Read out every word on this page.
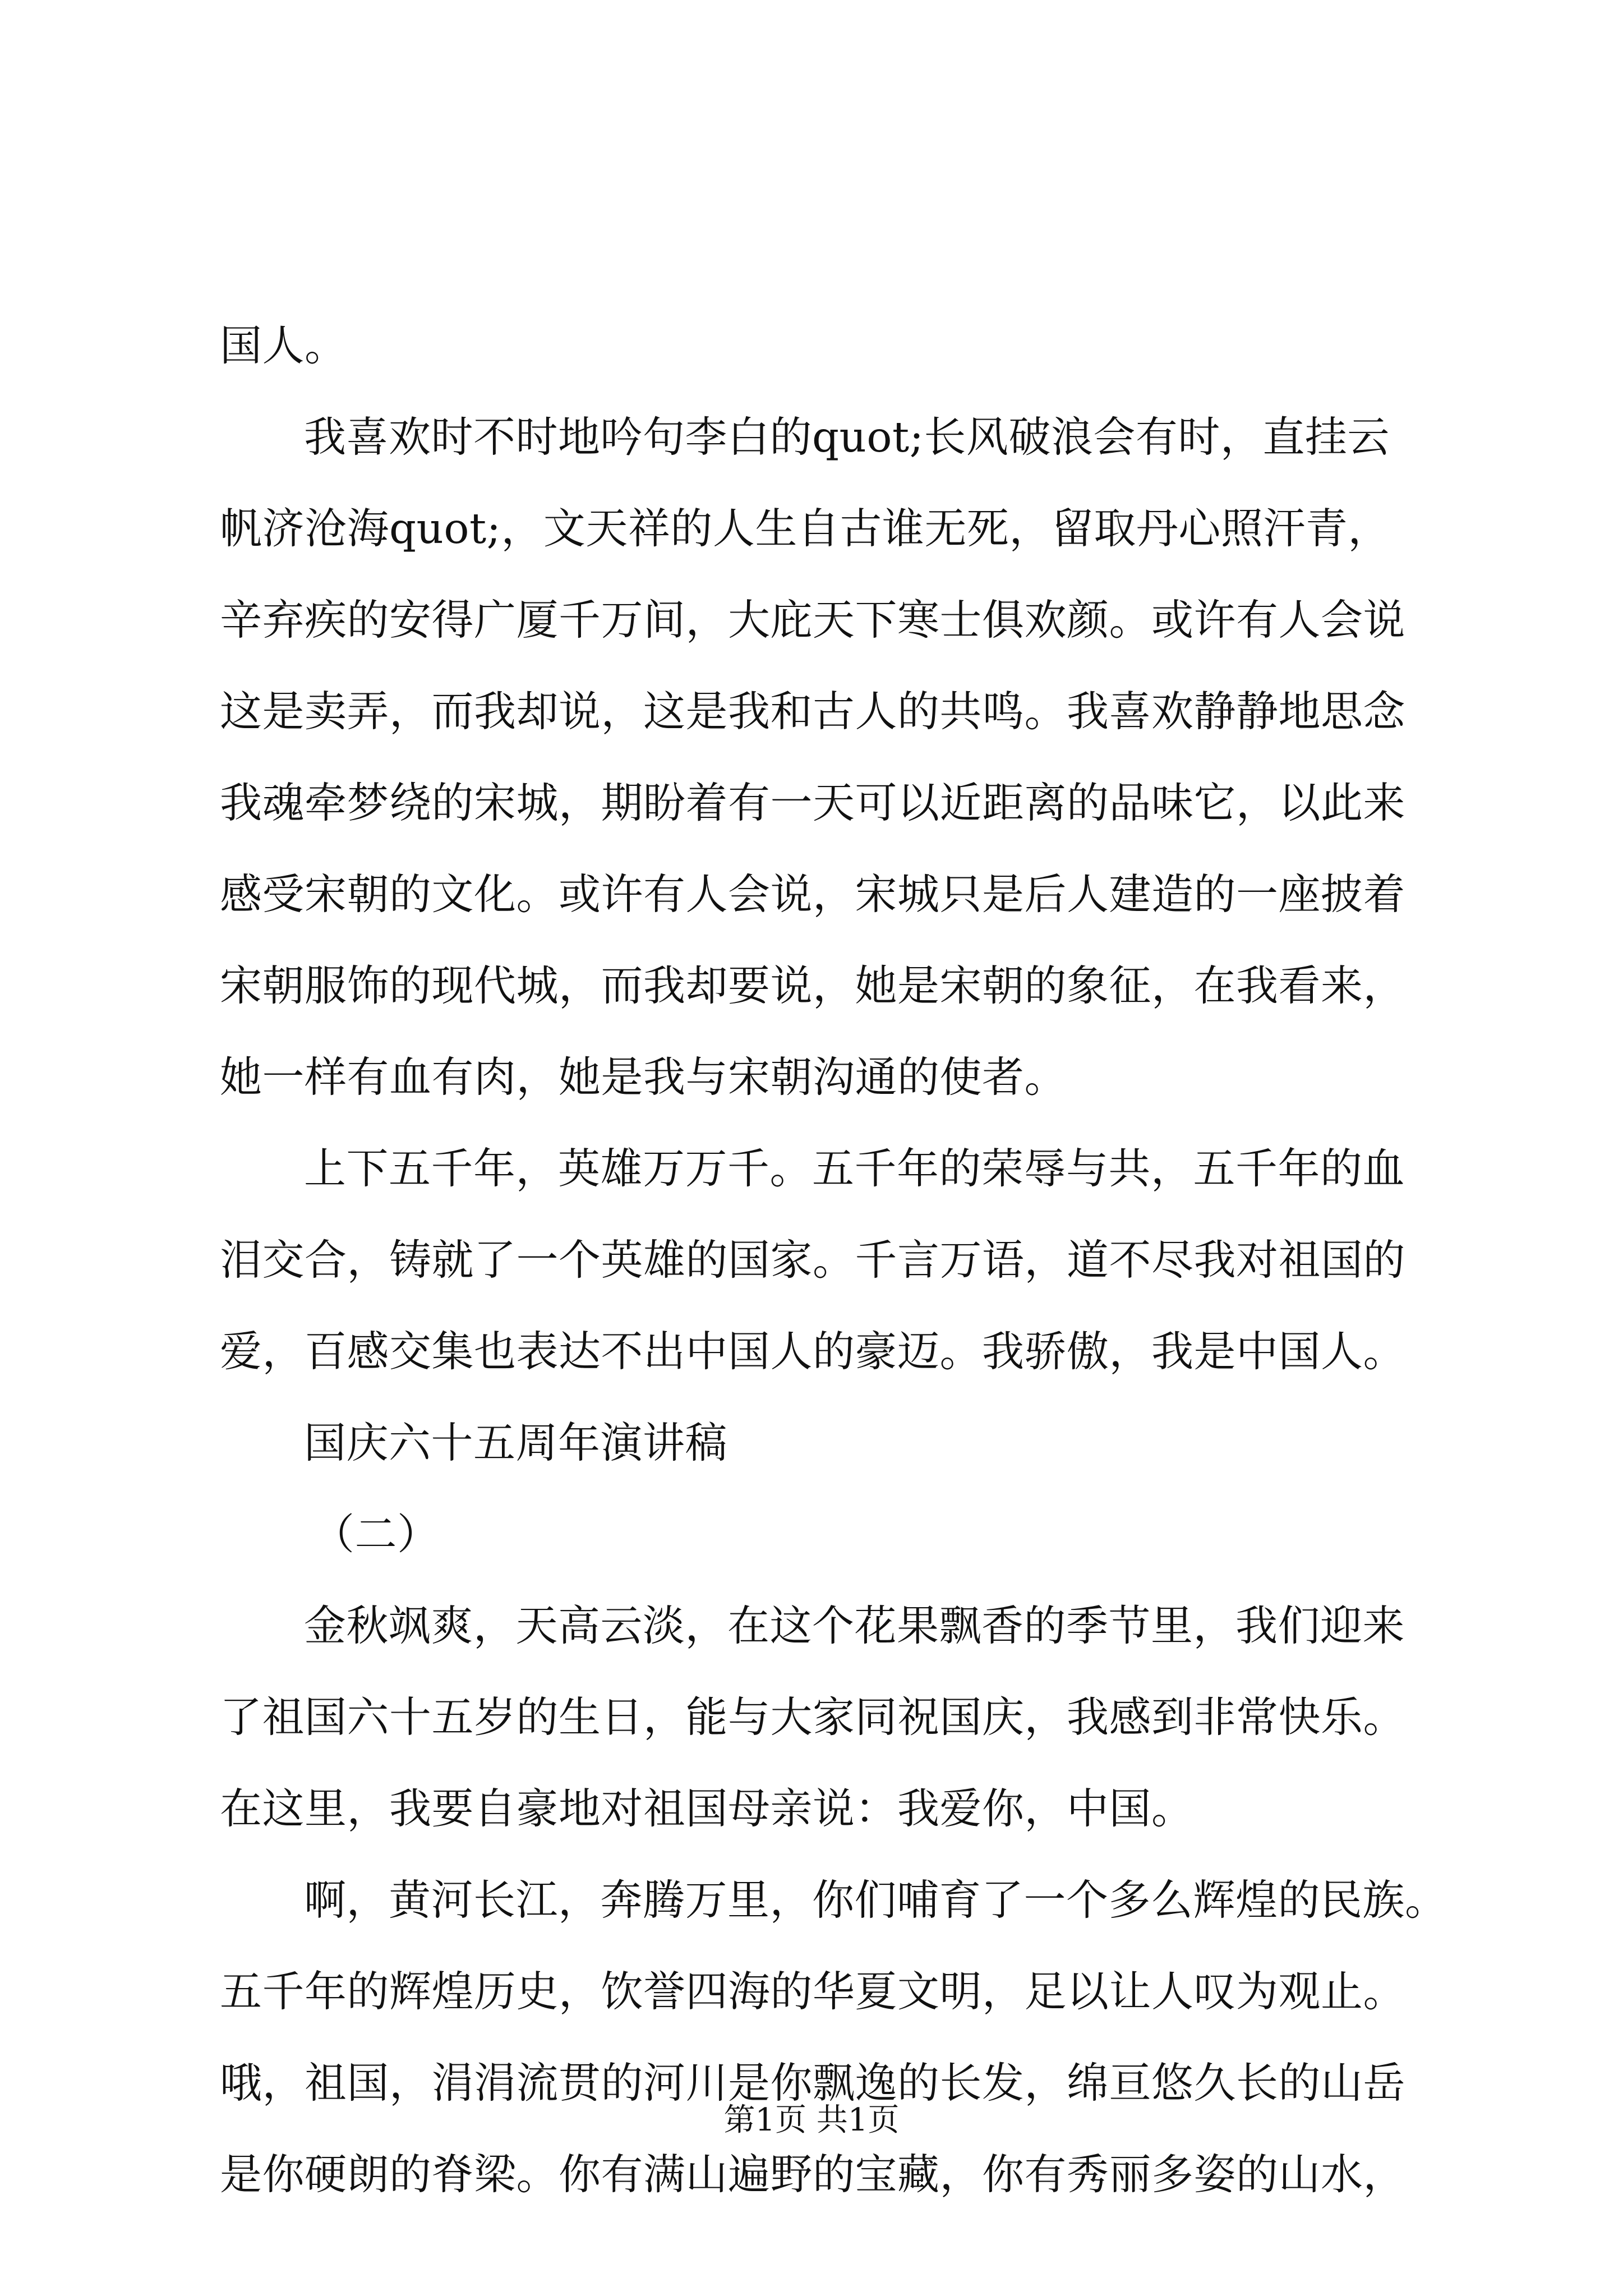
国人。
我喜欢时不时地吟句李白的quot;长风破浪会有时，直挂云
帆济沧海quot;，文天祥的人生自古谁无死，留取丹心照汗青，
辛弃疾的安得广厦千万间，大庇天下寒士俱欢颜。或许有人会说
这是卖弄，而我却说，这是我和古人的共鸣。我喜欢静静地思念
我魂牵梦绕的宋城，期盼着有一天可以近距离的品味它，以此来
感受宋朝的文化。或许有人会说，宋城只是后人建造的一座披着
宋朝服饰的现代城，而我却要说，她是宋朝的象征，在我看来，
她一样有血有肉，她是我与宋朝沟通的使者。
上下五千年，英雄万万千。五千年的荣辱与共，五千年的血
泪交合，铸就了一个英雄的国家。千言万语，道不尽我对祖国的
爱，百感交集也表达不出中国人的豪迈。我骄傲，我是中国人。
国庆六十五周年演讲稿
（二）
金秋飒爽，天高云淡，在这个花果飘香的季节里，我们迎来
了祖国六十五岁的生日，能与大家同祝国庆，我感到非常快乐。
在这里，我要自豪地对祖国母亲说：我爱你，中国。
啊，黄河长江，奔腾万里，你们哺育了一个多么辉煌的民族。
五千年的辉煌历史，饮誉四海的华夏文明，足以让人叹为观止。
哦，祖国，涓涓流贯的河川是你飘逸的长发，绵亘悠久长的山岳
是你硬朗的脊梁。你有满山遍野的宝藏，你有秀丽多姿的山水，
第1页 共1页
